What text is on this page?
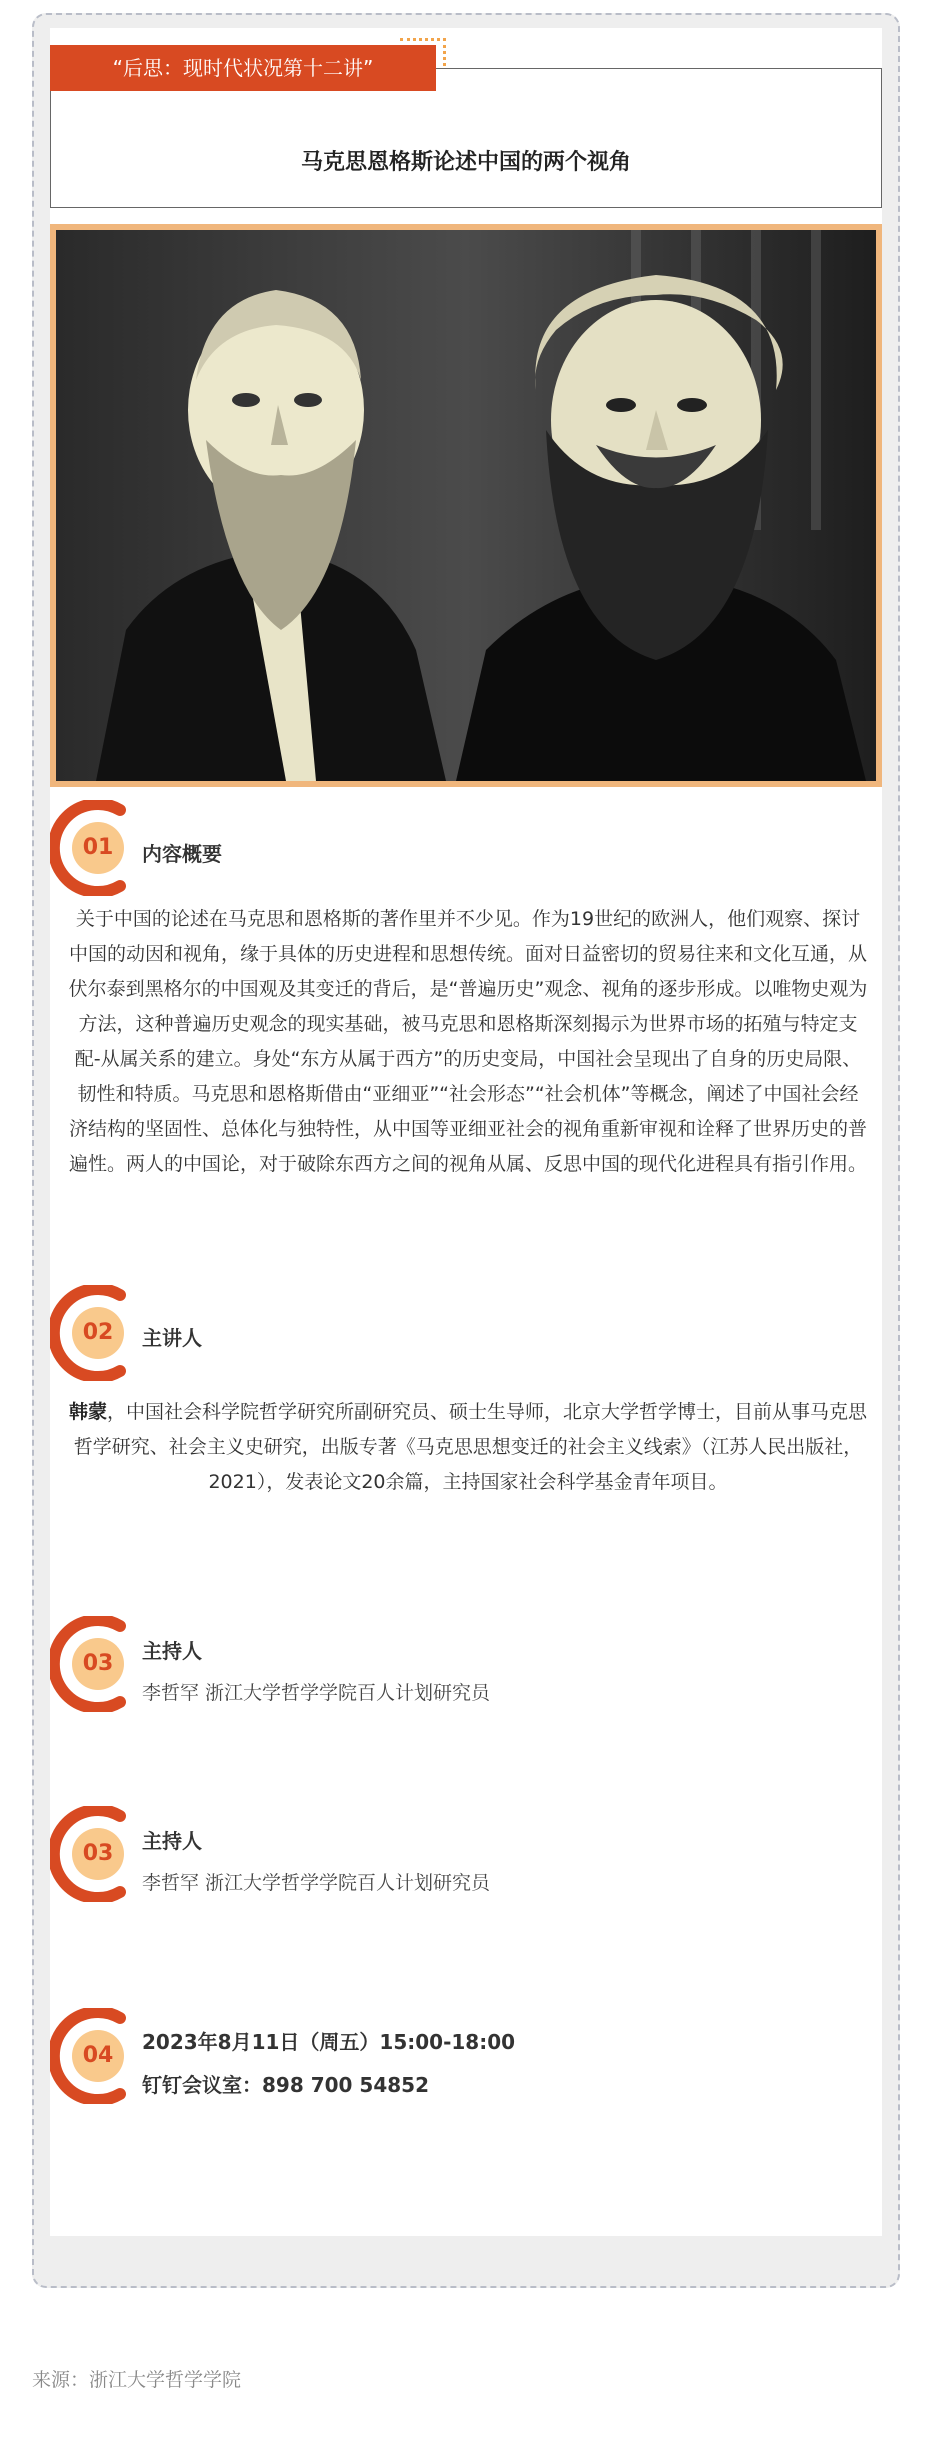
马克思恩格斯论述中国的两个视角
“后思：现时代状况第十二讲”
01	内容概要
关于中国的论述在马克思和恩格斯的著作里并不少见。作为19世纪的欧洲人，他们观察、探讨中国的动因和视角，缘于具体的历史进程和思想传统。面对日益密切的贸易往来和文化互通，从伏尔泰到黑格尔的中国观及其变迁的背后，是“普遍历史”观念、视角的逐步形成。以唯物史观为方法，这种普遍历史观念的现实基础，被马克思和恩格斯深刻揭示为世界市场的拓殖与特定支配-从属关系的建立。身处“东方从属于西方”的历史变局，中国社会呈现出了自身的历史局限、韧性和特质。马克思和恩格斯借由“亚细亚”“社会形态”“社会机体”等概念，阐述了中国社会经济结构的坚固性、总体化与独特性，从中国等亚细亚社会的视角重新审视和诠释了世界历史的普遍性。两人的中国论，对于破除东西方之间的视角从属、反思中国的现代化进程具有指引作用。
02	主讲人
韩蒙，中国社会科学院哲学研究所副研究员、硕士生导师，北京大学哲学博士，目前从事马克思哲学研究、社会主义史研究，出版专著《马克思思想变迁的社会主义线索》（江苏人民出版社，2021），发表论文20余篇，主持国家社会科学基金青年项目。
03	主持人
李哲罕 浙江大学哲学学院百人计划研究员
03	主持人
李哲罕 浙江大学哲学学院百人计划研究员
04
2023年8月11日（周五）15:00-18:00
钉钉会议室：898 700 54852
来源：浙江大学哲学学院
